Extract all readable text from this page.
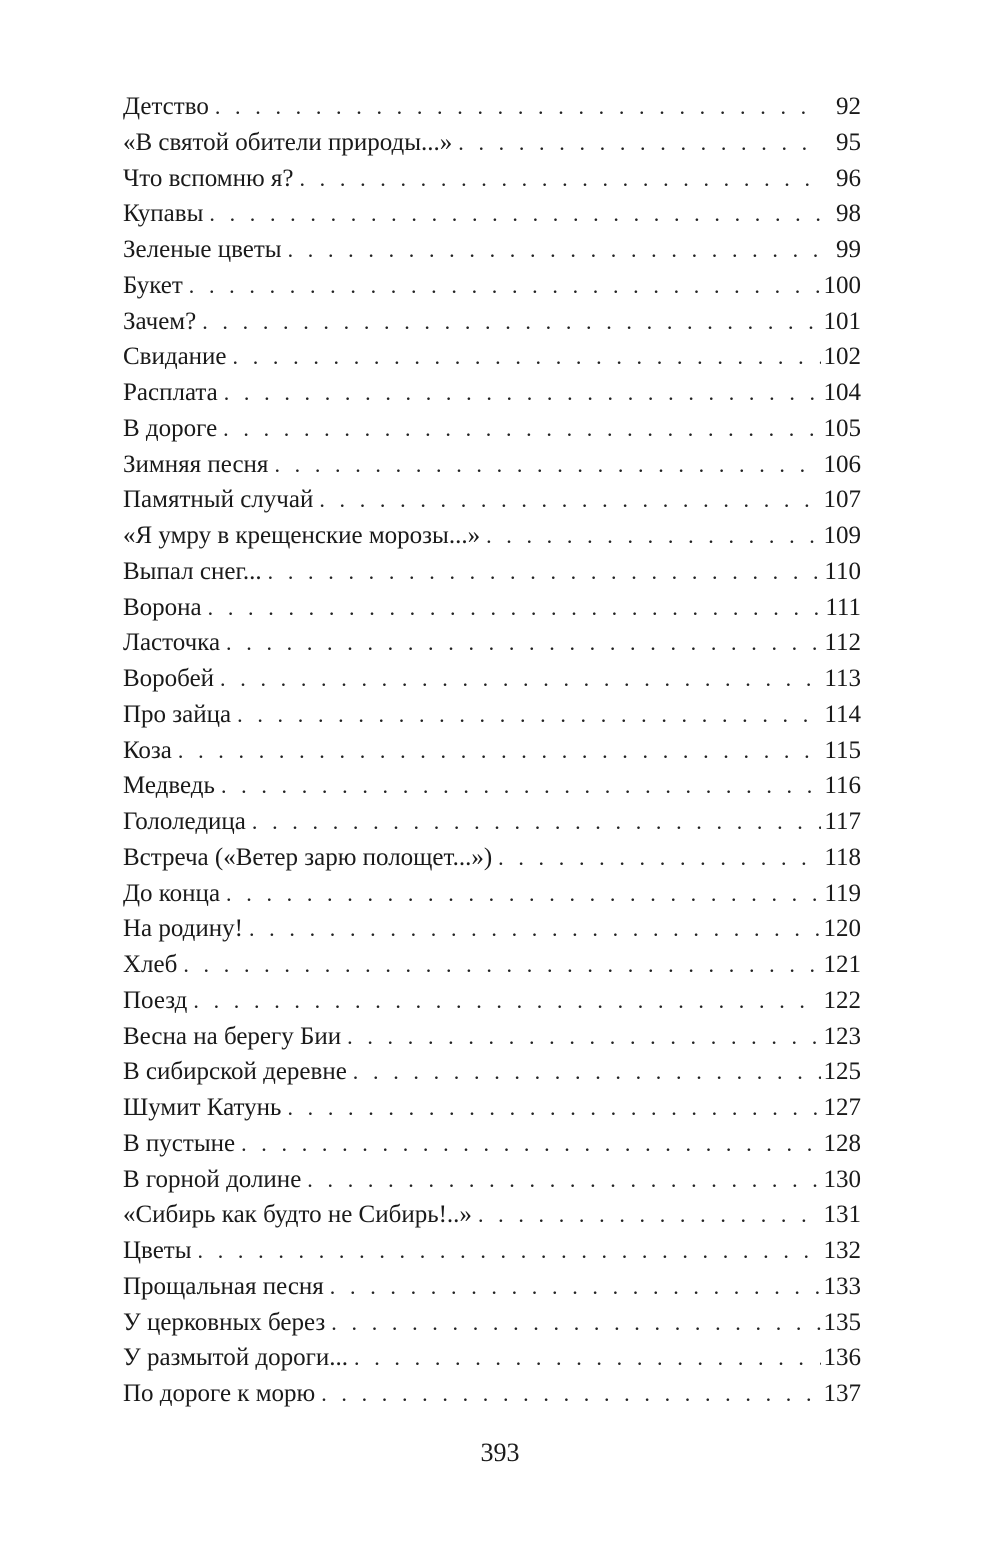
Детство . . .	92
«В святой обители природы...» . . .	95
Что вспомню я? . . .	96
Купавы . . .	98
Зеленые цветы . . .	99
Букет . . .	100
Зачем? . . .	101
Свидание . . .	102
Расплата . . .	104
В дороге . . .	105
Зимняя песня . . .	106
Памятный случай . . .	107
«Я умру в крещенские морозы...» . . .	109
Выпал снег... . . .	110
Ворона . . .	111
Ласточка . . .	112
Воробей . . .	113
Про зайца . . .	114
Коза . . .	115
Медведь . . .	116
Гололедица . . .	117
Встреча («Ветер зарю полощет...») . . .	118
До конца . . .	119
На родину! . . .	120
Хлеб . . .	121
Поезд . . .	122
Весна на берегу Бии . . .	123
В сибирской деревне . . .	125
Шумит Катунь . . .	127
В пустыне . . .	128
В горной долине . . .	130
«Сибирь как будто не Сибирь!..» . . .	131
Цветы . . .	132
Прощальная песня . . .	133
У церковных берез . . .	135
У размытой дороги... . . .	136
По дороге к морю . . .	137
393
